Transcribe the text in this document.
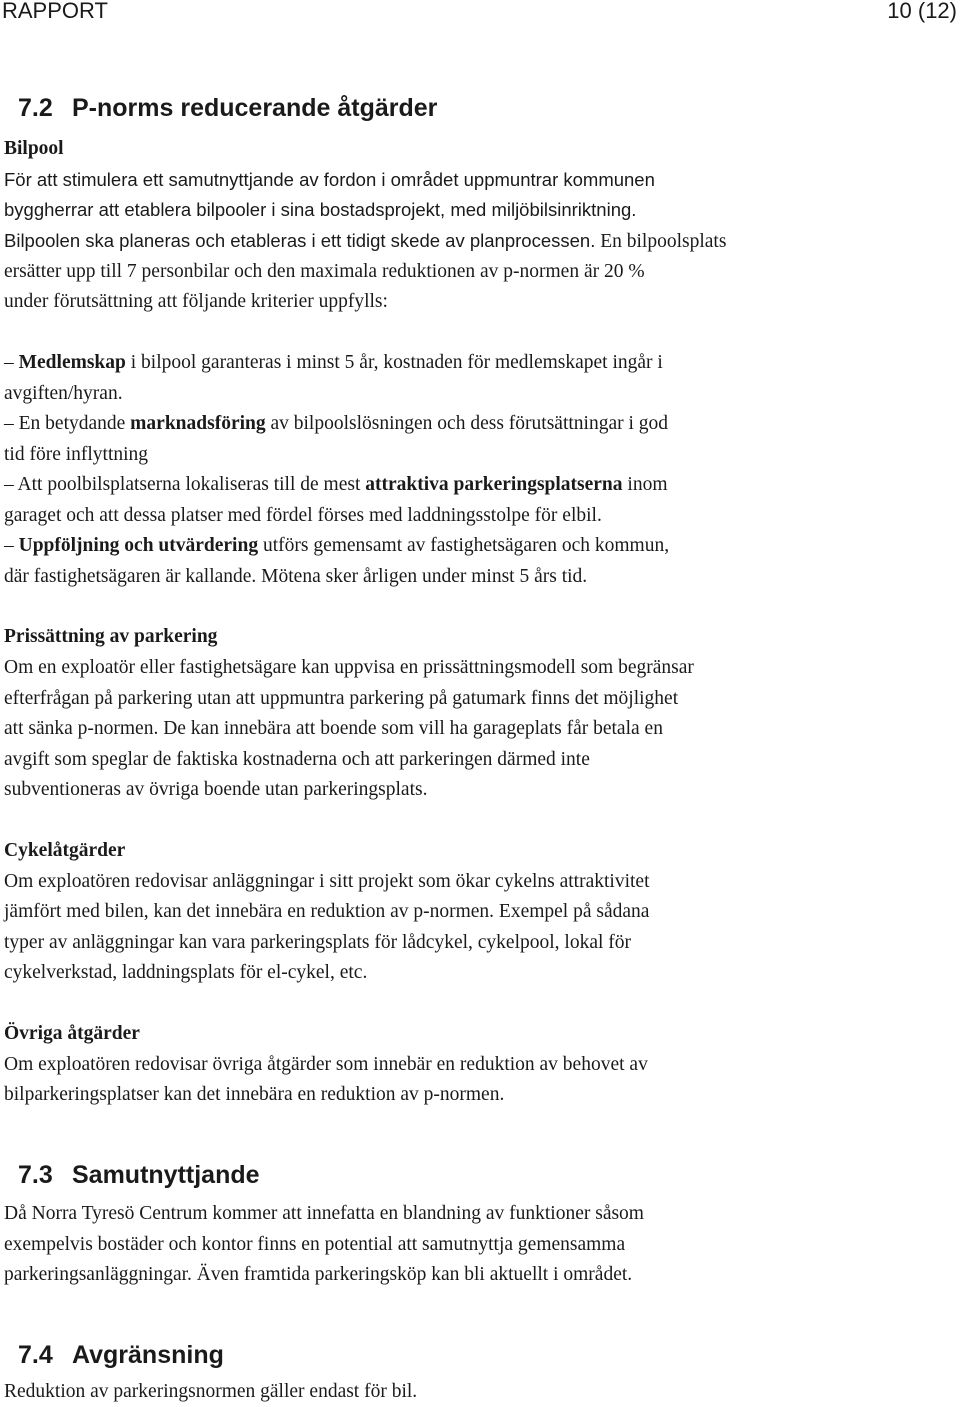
RAPPORT	10 (12)
7.2 P-norms reducerande åtgärder
Bilpool
För att stimulera ett samutnyttjande av fordon i området uppmuntrar kommunen
byggherrar att etablera bilpooler i sina bostadsprojekt, med miljöbilsinriktning.
Bilpoolen ska planeras och etableras i ett tidigt skede av planprocessen. En bilpoolsplats
ersätter upp till 7 personbilar och den maximala reduktionen av p-normen är 20 %
under förutsättning att följande kriterier uppfylls:
– Medlemskap i bilpool garanteras i minst 5 år, kostnaden för medlemskapet ingår i
avgiften/hyran.
– En betydande marknadsföring av bilpoolslösningen och dess förutsättningar i god
tid före inflyttning
– Att poolbilsplatserna lokaliseras till de mest attraktiva parkeringsplatserna inom
garaget och att dessa platser med fördel förses med laddningsstolpe för elbil.
– Uppföljning och utvärdering utförs gemensamt av fastighetsägaren och kommun,
där fastighetsägaren är kallande. Mötena sker årligen under minst 5 års tid.
Prissättning av parkering
Om en exploatör eller fastighetsägare kan uppvisa en prissättningsmodell som begränsar
efterfrågan på parkering utan att uppmuntra parkering på gatumark finns det möjlighet
att sänka p-normen. De kan innebära att boende som vill ha garageplats får betala en
avgift som speglar de faktiska kostnaderna och att parkeringen därmed inte
subventioneras av övriga boende utan parkeringsplats.
Cykelåtgärder
Om exploatören redovisar anläggningar i sitt projekt som ökar cykelns attraktivitet
jämfört med bilen, kan det innebära en reduktion av p-normen. Exempel på sådana
typer av anläggningar kan vara parkeringsplats för lådcykel, cykelpool, lokal för
cykelverkstad, laddningsplats för el-cykel, etc.
Övriga åtgärder
Om exploatören redovisar övriga åtgärder som innebär en reduktion av behovet av
bilparkeringsplatser kan det innebära en reduktion av p-normen.
7.3 Samutnyttjande
Då Norra Tyresö Centrum kommer att innefatta en blandning av funktioner såsom
exempelvis bostäder och kontor finns en potential att samutnyttja gemensamma
parkeringsanläggningar. Även framtida parkeringsköp kan bli aktuellt i området.
7.4 Avgränsning
Reduktion av parkeringsnormen gäller endast för bil.
